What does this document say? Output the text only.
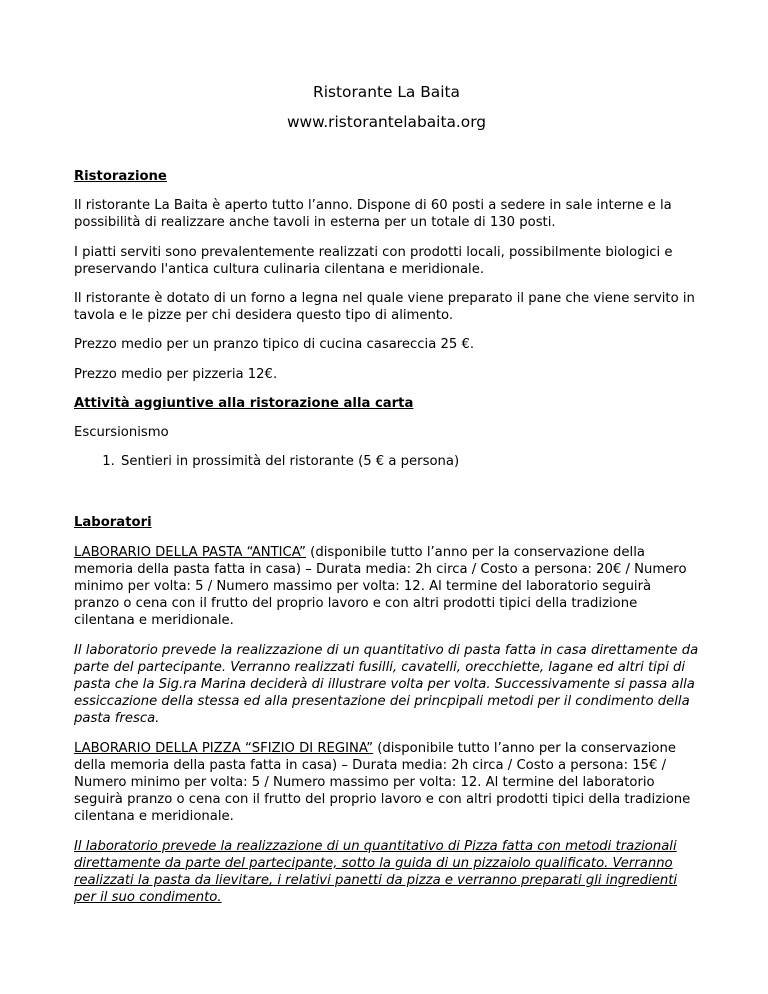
Ristorante La Baita
www.ristorantelabaita.org

Ristorazione

Il ristorante La Baita è aperto tutto l’anno. Dispone di 60 posti a sedere in sale interne e la possibilità di realizzare anche tavoli in esterna per un totale di 130 posti.

I piatti serviti sono prevalentemente realizzati con prodotti locali, possibilmente biologici e preservando l'antica cultura culinaria cilentana e meridionale.

Il ristorante è dotato di un forno a legna nel quale viene preparato il pane che viene servito in tavola e le pizze per chi desidera questo tipo di alimento.

Prezzo medio per un pranzo tipico di cucina casareccia 25 €.

Prezzo medio per pizzeria 12€.

Attività aggiuntive alla ristorazione alla carta

Escursionismo

1. Sentieri in prossimità del ristorante (5 € a persona)

Laboratori

LABORARIO DELLA PASTA “ANTICA” (disponibile tutto l’anno per la conservazione della memoria della pasta fatta in casa) – Durata media: 2h circa / Costo a persona: 20€ / Numero minimo per volta: 5 / Numero massimo per volta: 12. Al termine del laboratorio seguirà pranzo o cena con il frutto del proprio lavoro e con altri prodotti tipici della tradizione cilentana e meridionale.

Il laboratorio prevede la realizzazione di un quantitativo di pasta fatta in casa direttamente da parte del partecipante. Verranno realizzati fusilli, cavatelli, orecchiette, lagane ed altri tipi di pasta che la Sig.ra Marina deciderà di illustrare volta per volta. Successivamente si passa alla essiccazione della stessa ed alla presentazione dei princpipali metodi per il condimento della pasta fresca.

LABORARIO DELLA PIZZA “SFIZIO DI REGINA” (disponibile tutto l’anno per la conservazione della memoria della pasta fatta in casa) – Durata media: 2h circa / Costo a persona: 15€ / Numero minimo per volta: 5 / Numero massimo per volta: 12. Al termine del laboratorio seguirà pranzo o cena con il frutto del proprio lavoro e con altri prodotti tipici della tradizione cilentana e meridionale.

Il laboratorio prevede la realizzazione di un quantitativo di Pizza fatta con metodi trazionali direttamente da parte del partecipante, sotto la guida di un pizzaiolo qualificato. Verranno realizzati la pasta da lievitare, i relativi panetti da pizza e verranno preparati gli ingredienti per il suo condimento.
